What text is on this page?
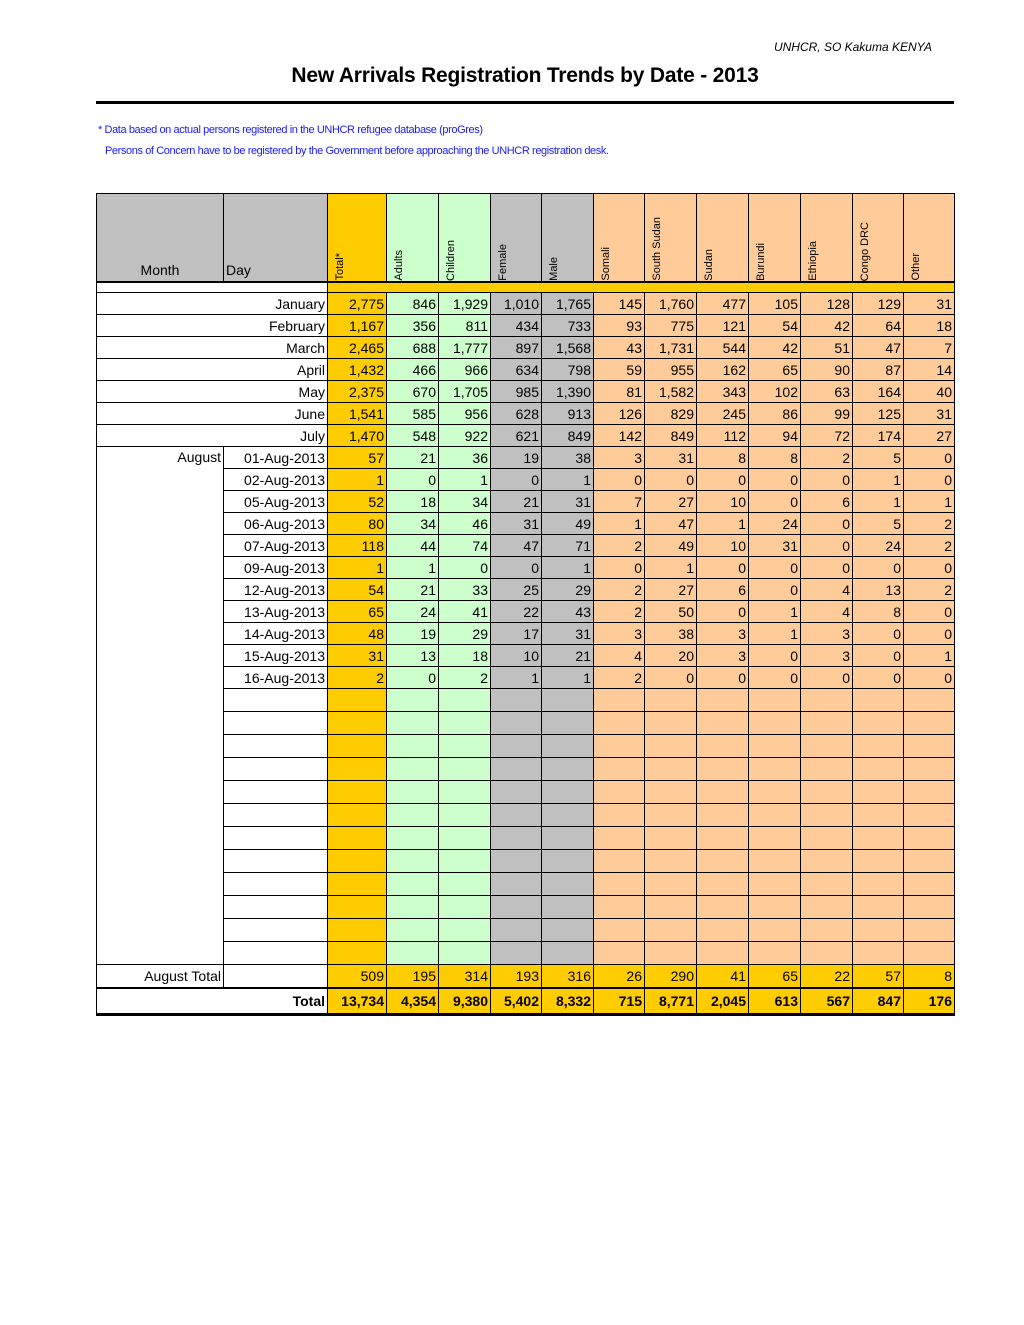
UNHCR, SO Kakuma KENYA
New Arrivals Registration Trends by Date - 2013
* Data based on actual persons registered in the UNHCR refugee database (proGres)
Persons of Concern have to be registered by the Government before approaching the UNHCR registration desk.
Month	Day	Total*	Adults	Children	Female	Male	Somali	South Sudan	Sudan	Burundi	Ethiopia	Congo DRC	Other

January		2,775	846	1,929	1,010	1,765	145	1,760	477	105	128	129	31
February		1,167	356	811	434	733	93	775	121	54	42	64	18
March		2,465	688	1,777	897	1,568	43	1,731	544	42	51	47	7
April		1,432	466	966	634	798	59	955	162	65	90	87	14
May		2,375	670	1,705	985	1,390	81	1,582	343	102	63	164	40
June		1,541	585	956	628	913	126	829	245	86	99	125	31
July		1,470	548	922	621	849	142	849	112	94	72	174	27
August	01-Aug-2013	57	21	36	19	38	3	31	8	8	2	5	0
	02-Aug-2013	1	0	1	0	1	0	0	0	0	0	1	0
	05-Aug-2013	52	18	34	21	31	7	27	10	0	6	1	1
	06-Aug-2013	80	34	46	31	49	1	47	1	24	0	5	2
	07-Aug-2013	118	44	74	47	71	2	49	10	31	0	24	2
	09-Aug-2013	1	1	0	0	1	0	1	0	0	0	0	0
	12-Aug-2013	54	21	33	25	29	2	27	6	0	4	13	2
	13-Aug-2013	65	24	41	22	43	2	50	0	1	4	8	0
	14-Aug-2013	48	19	29	17	31	3	38	3	1	3	0	0
	15-Aug-2013	31	13	18	10	21	4	20	3	0	3	0	1
	16-Aug-2013	2	0	2	1	1	2	0	0	0	0	0	0

August Total		509	195	314	193	316	26	290	41	65	22	57	8
Total		13,734	4,354	9,380	5,402	8,332	715	8,771	2,045	613	567	847	176
